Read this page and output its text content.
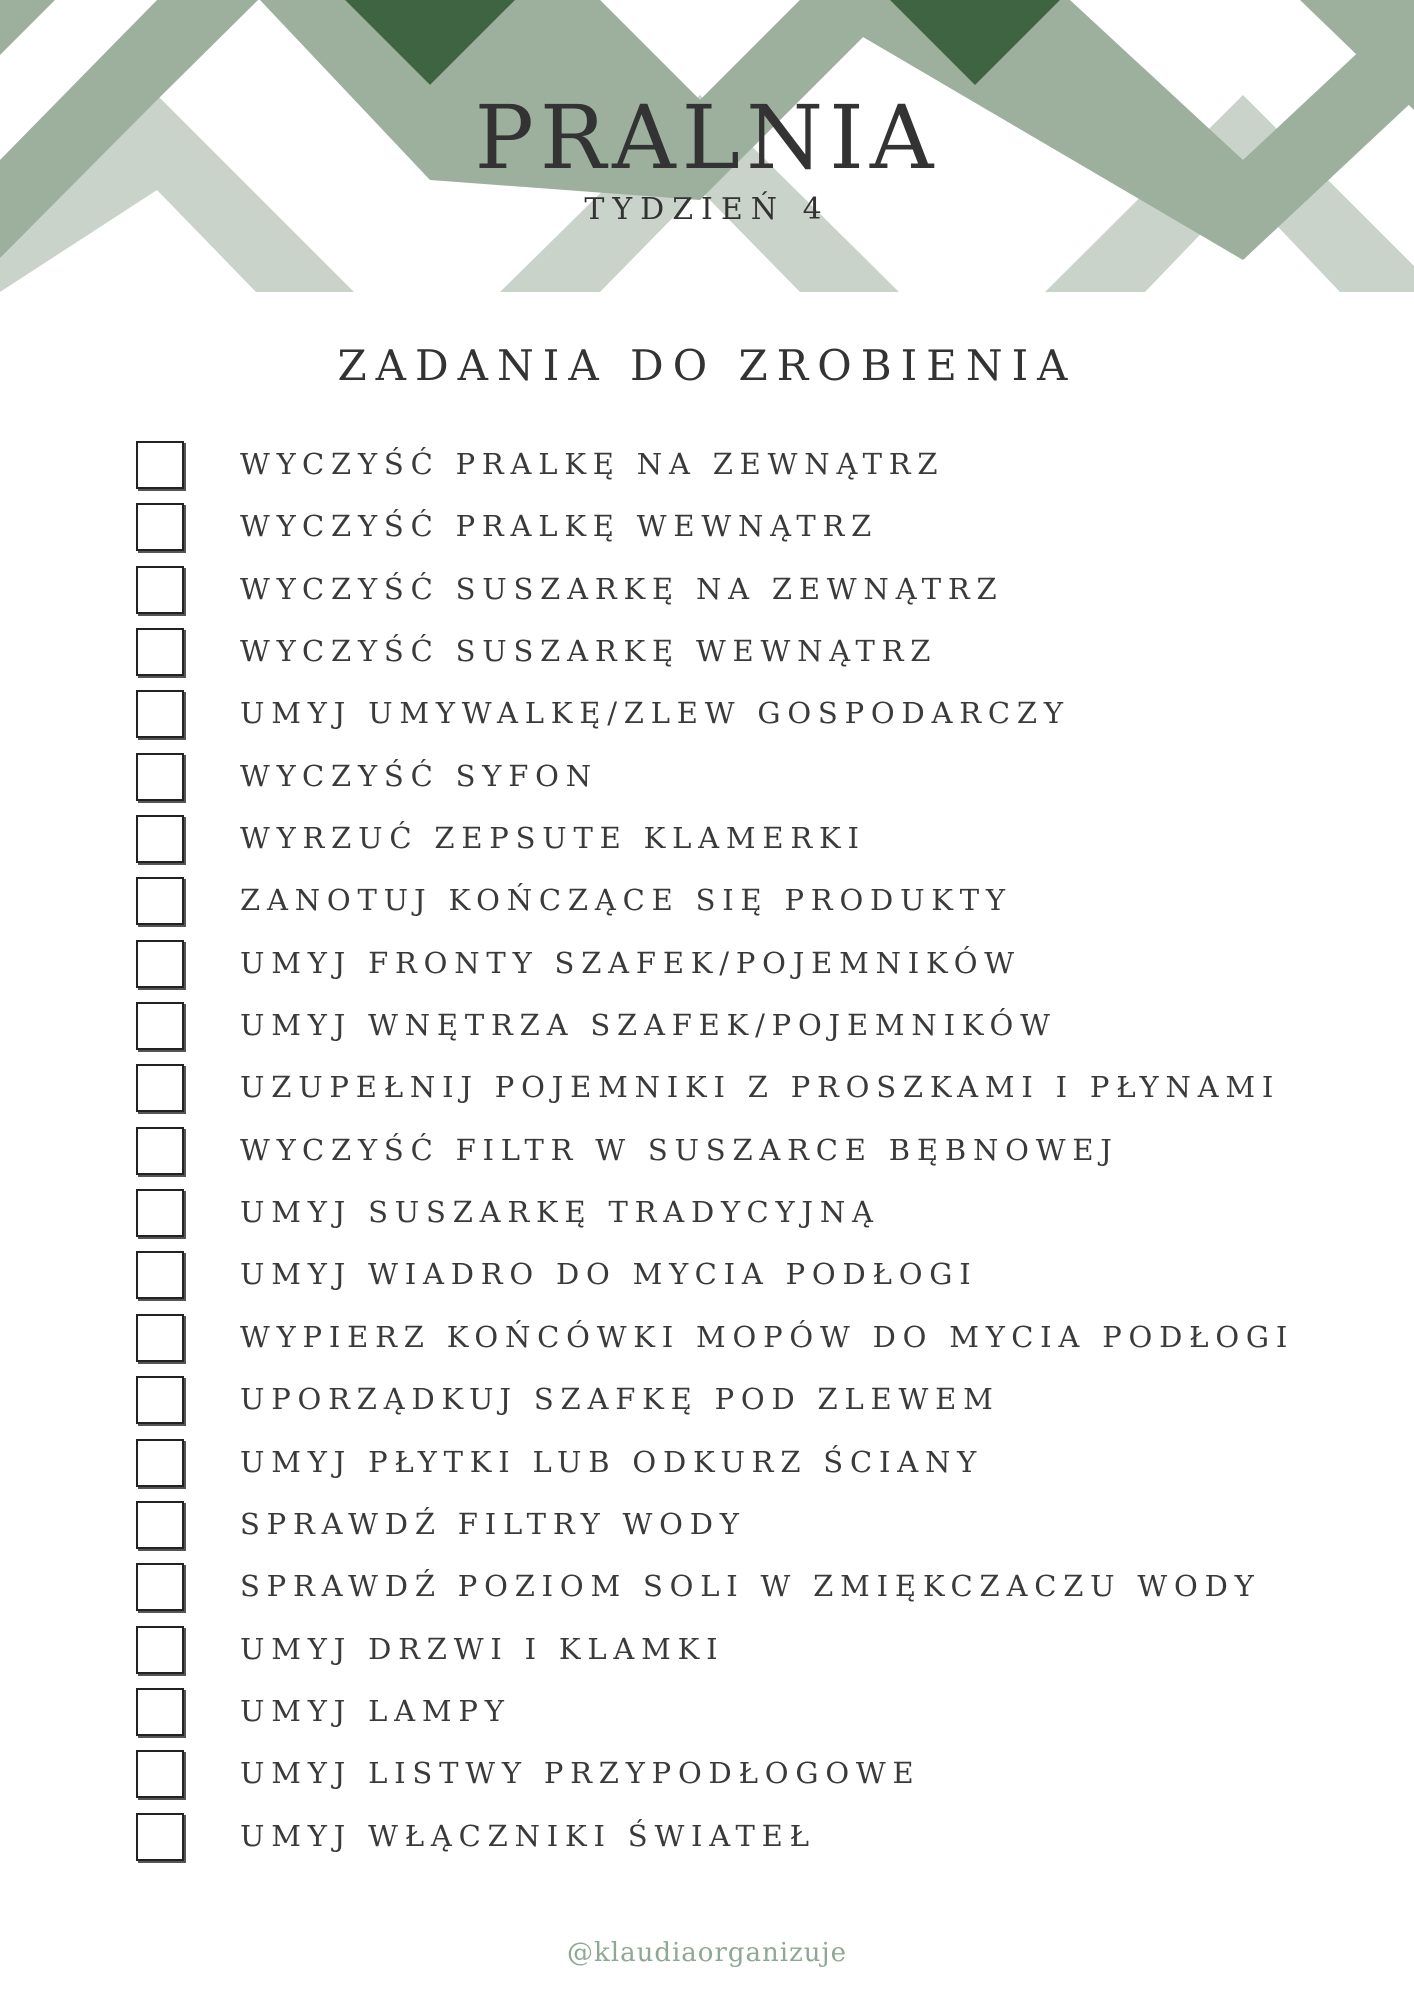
PRALNIA
TYDZIEŃ 4
ZADANIA DO ZROBIENIA
WYCZYŚĆ PRALKĘ NA ZEWNĄTRZ
WYCZYŚĆ PRALKĘ WEWNĄTRZ
WYCZYŚĆ SUSZARKĘ NA ZEWNĄTRZ
WYCZYŚĆ SUSZARKĘ WEWNĄTRZ
UMYJ UMYWALKĘ/ZLEW GOSPODARCZY
WYCZYŚĆ SYFON
WYRZUĆ ZEPSUTE KLAMERKI
ZANOTUJ KOŃCZĄCE SIĘ PRODUKTY
UMYJ FRONTY SZAFEK/POJEMNIKÓW
UMYJ WNĘTRZA SZAFEK/POJEMNIKÓW
UZUPEŁNIJ POJEMNIKI Z PROSZKAMI I PŁYNAMI
WYCZYŚĆ FILTR W SUSZARCE BĘBNOWEJ
UMYJ SUSZARKĘ TRADYCYJNĄ
UMYJ WIADRO DO MYCIA PODŁOGI
WYPIERZ KOŃCÓWKI MOPÓW DO MYCIA PODŁOGI
UPORZĄDKUJ SZAFKĘ POD ZLEWEM
UMYJ PŁYTKI LUB ODKURZ ŚCIANY
SPRAWDŹ FILTRY WODY
SPRAWDŹ POZIOM SOLI W ZMIĘKCZACZU WODY
UMYJ DRZWI I KLAMKI
UMYJ LAMPY
UMYJ LISTWY PRZYPODŁOGOWE
UMYJ WŁĄCZNIKI ŚWIATEŁ
@klaudiaorganizuje
